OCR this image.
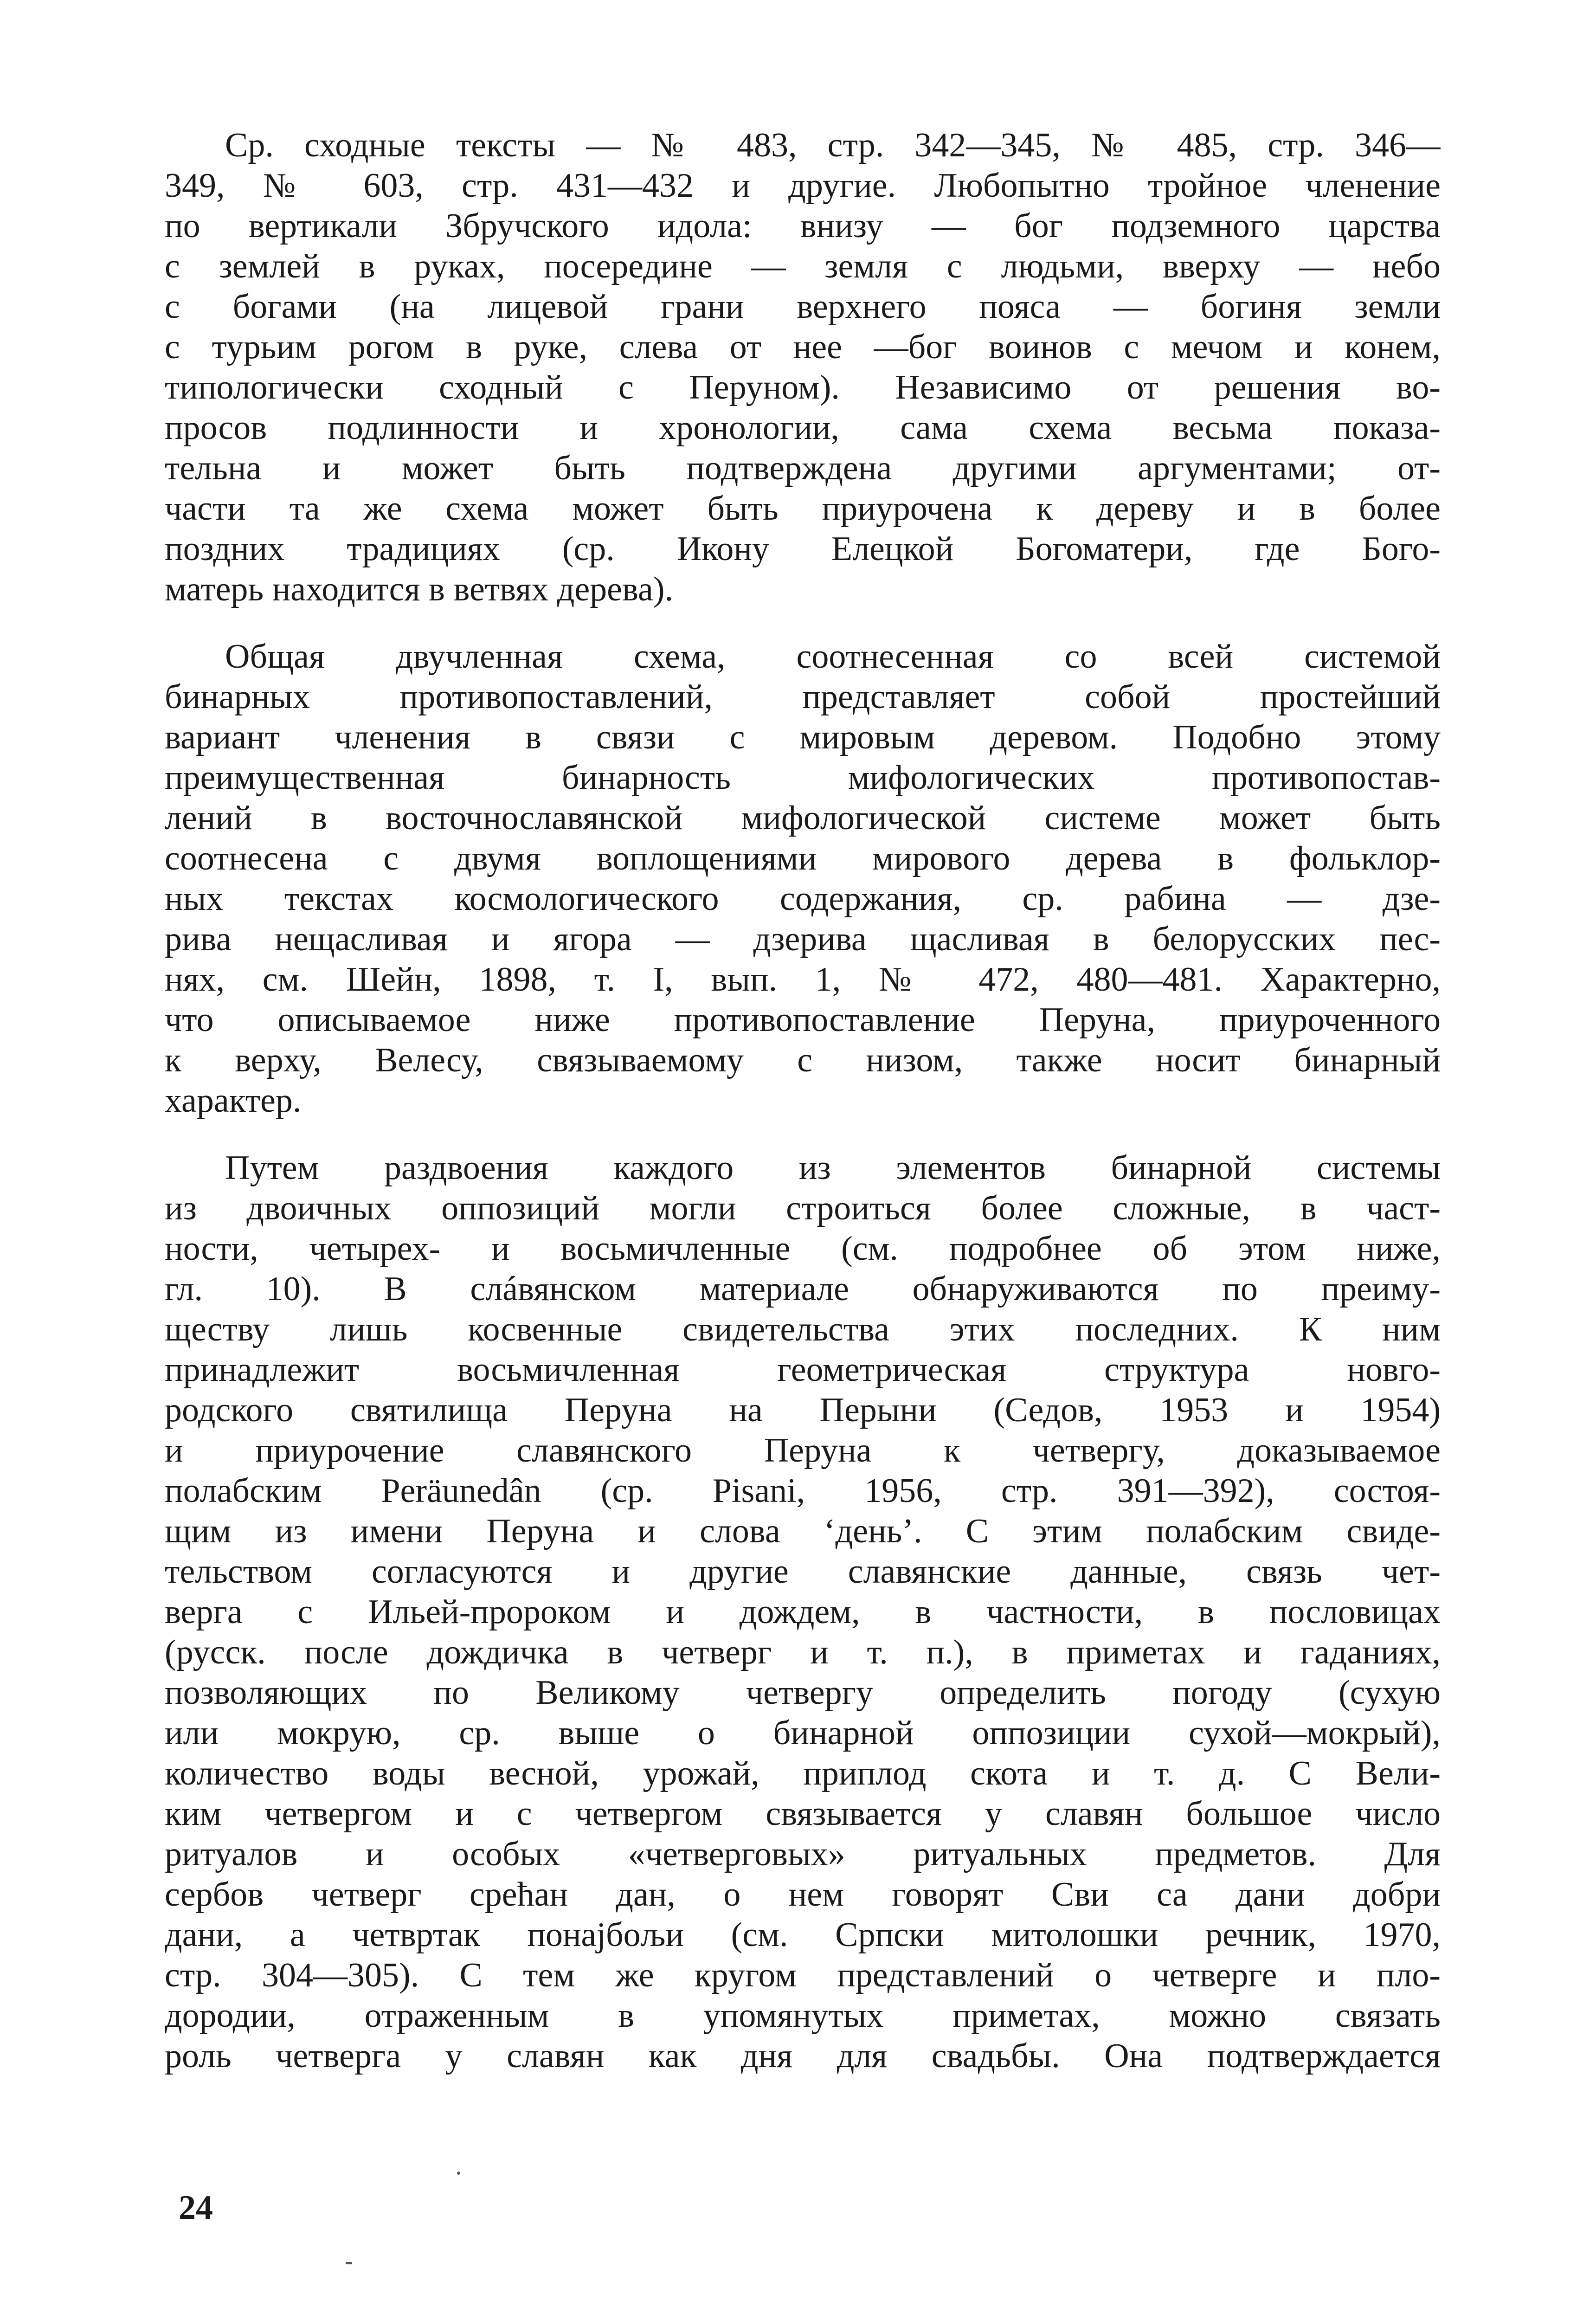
Ср. сходные тексты — № 483, стр. 342—345, № 485, стр. 346—
349, № 603, стр. 431—432 и другие. Любопытно тройное членение
по вертикали Збручского идола: внизу — бог подземного царства
с землей в руках, посередине — земля с людьми, вверху — небо
с богами (на лицевой грани верхнего пояса — богиня земли
с турьим рогом в руке, слева от нее —бог воинов с мечом и конем,
типологически сходный с Перуном). Независимо от решения во-
просов подлинности и хронологии, сама схема весьма показа-
тельна и может быть подтверждена другими аргументами; от-
части та же схема может быть приурочена к дереву и в более
поздних традициях (ср. Икону Елецкой Богоматери, где Бого-
матерь находится в ветвях дерева).
Общая двучленная схема, соотнесенная со всей системой
бинарных противопоставлений, представляет собой простейший
вариант членения в связи с мировым деревом. Подобно этому
преимущественная бинарность мифологических противопостав-
лений в восточнославянской мифологической системе может быть
соотнесена с двумя воплощениями мирового дерева в фольклор-
ных текстах космологического содержания, ср. рабина — дзе-
рива нещасливая и ягора — дзерива щасливая в белорусских пес-
нях, см. Шейн, 1898, т. I, вып. 1, № 472, 480—481. Характерно,
что описываемое ниже противопоставление Перуна, приуроченного
к верху, Велесу, связываемому с низом, также носит бинарный
характер.
Путем раздвоения каждого из элементов бинарной системы
из двоичных оппозиций могли строиться более сложные, в част-
ности, четырех- и восьмичленные (см. подробнее об этом ниже,
гл. 10). В слáвянском материале обнаруживаются по преиму-
ществу лишь косвенные свидетельства этих последних. К ним
принадлежит восьмичленная геометрическая структура новго-
родского святилища Перуна на Перыни (Седов, 1953 и 1954)
и приурочение славянского Перуна к четвергу, доказываемое
полабским Peräunedân (ср. Pisani, 1956, стр. 391—392), состоя-
щим из имени Перуна и слова ‘день’. С этим полабским свиде-
тельством согласуются и другие славянские данные, связь чет-
верга с Ильей-пророком и дождем, в частности, в пословицах
(русск. после дождичка в четверг и т. п.), в приметах и гаданиях,
позволяющих по Великому четвергу определить погоду (сухую
или мокрую, ср. выше о бинарной оппозиции сухой—мокрый),
количество воды весной, урожай, приплод скота и т. д. С Вели-
ким четвергом и с четвергом связывается у славян большое число
ритуалов и особых «четверговых» ритуальных предметов. Для
сербов четверг срећан дан, о нем говорят Сви са дани добри
дани, а четвртак понајбољи (см. Српски митолошки речник, 1970,
стр. 304—305). С тем же кругом представлений о четверге и пло-
дородии, отраженным в упомянутых приметах, можно связать
роль четверга у славян как дня для свадьбы. Она подтверждается
24
